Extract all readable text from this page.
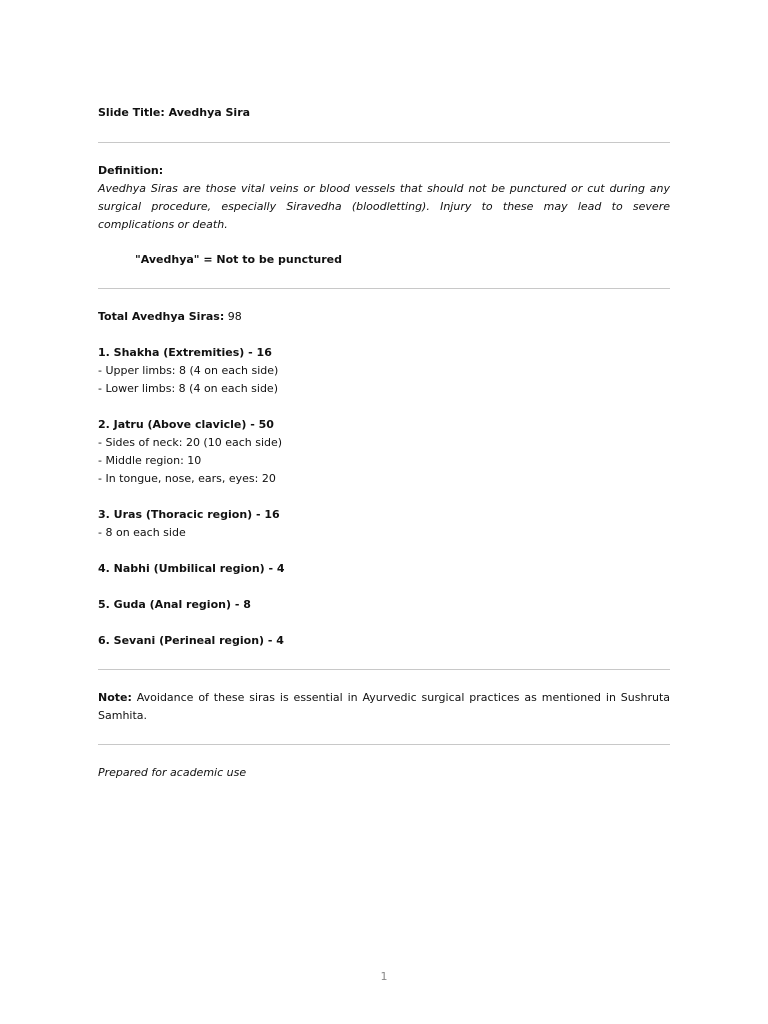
Slide Title: Avedhya Sira
Definition:
Avedhya Siras are those vital veins or blood vessels that should not be punctured or cut during any surgical procedure, especially Siravedha (bloodletting). Injury to these may lead to severe complications or death.
"Avedhya" = Not to be punctured
Total Avedhya Siras: 98
1. Shakha (Extremities) - 16
- Upper limbs: 8 (4 on each side)
- Lower limbs: 8 (4 on each side)
2. Jatru (Above clavicle) - 50
- Sides of neck: 20 (10 each side)
- Middle region: 10
- In tongue, nose, ears, eyes: 20
3. Uras (Thoracic region) - 16
- 8 on each side
4. Nabhi (Umbilical region) - 4
5. Guda (Anal region) - 8
6. Sevani (Perineal region) - 4
Note: Avoidance of these siras is essential in Ayurvedic surgical practices as mentioned in Sushruta Samhita.
Prepared for academic use
1
